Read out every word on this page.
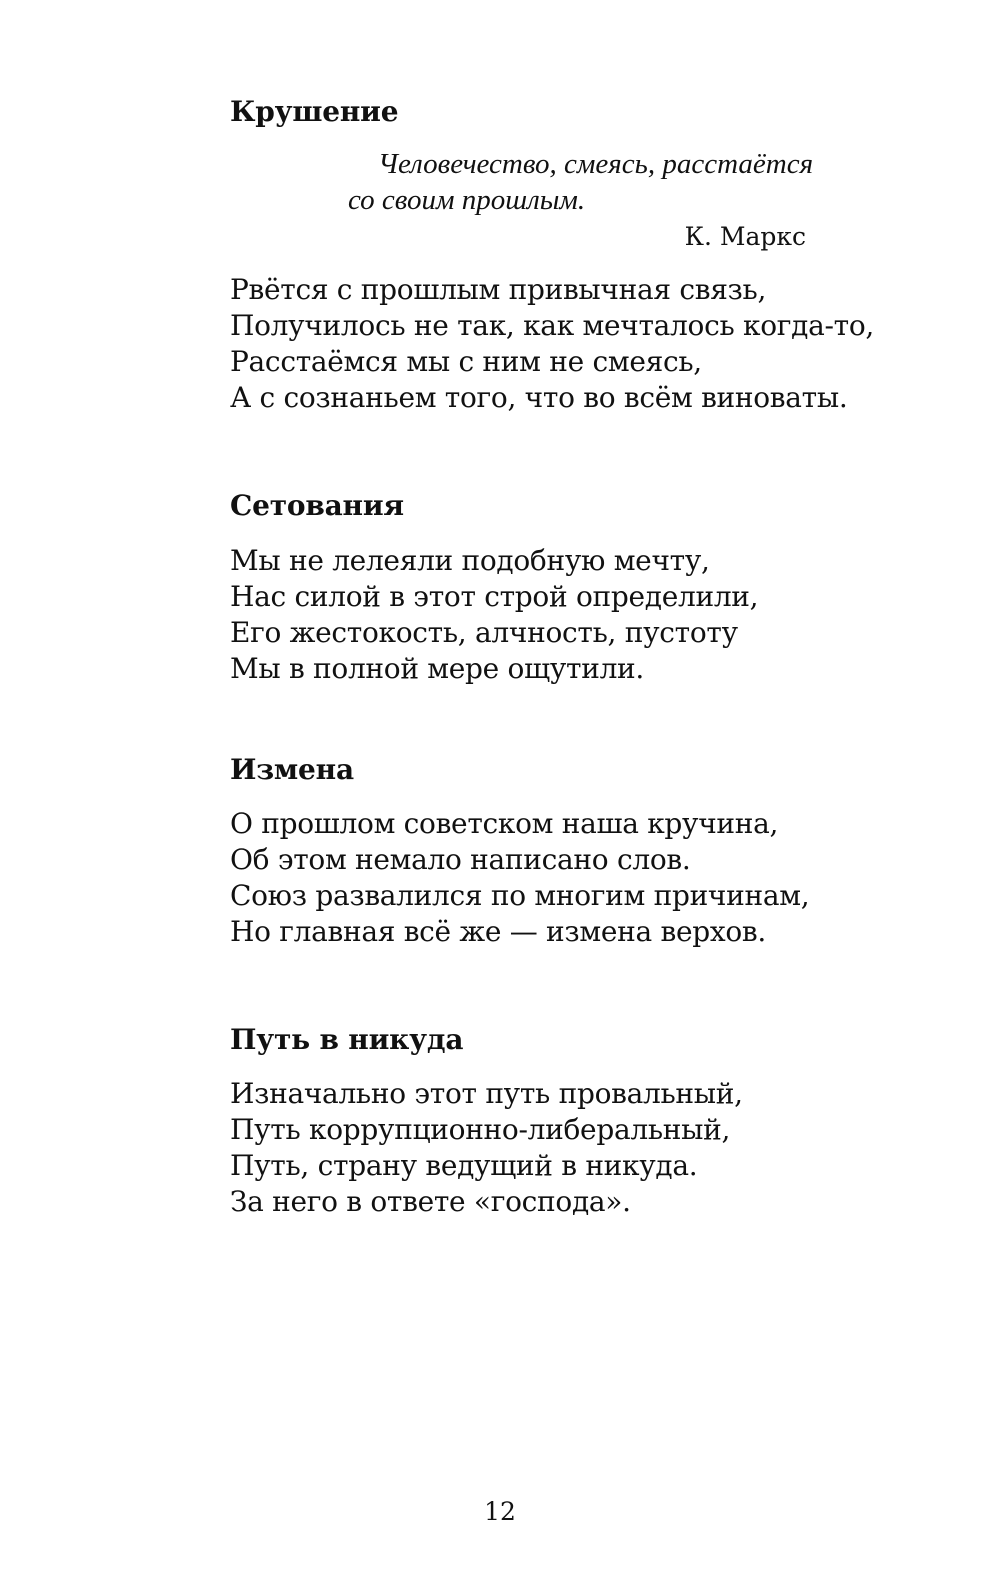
Крушение
Человечество, смеясь, расстаётся
со своим прошлым.
К. Маркс
Рвётся с прошлым привычная связь,
Получилось не так, как мечталось когда-то,
Расстаёмся мы с ним не смеясь,
А с сознаньем того, что во всём виноваты.
Сетования
Мы не лелеяли подобную мечту,
Нас силой в этот строй определили,
Его жестокость, алчность, пустоту
Мы в полной мере ощутили.
Измена
О прошлом советском наша кручина,
Об этом немало написано слов.
Союз развалился по многим причинам,
Но главная всё же — измена верхов.
Путь в никуда
Изначально этот путь провальный,
Путь коррупционно-либеральный,
Путь, страну ведущий в никуда.
За него в ответе «господа».
12
